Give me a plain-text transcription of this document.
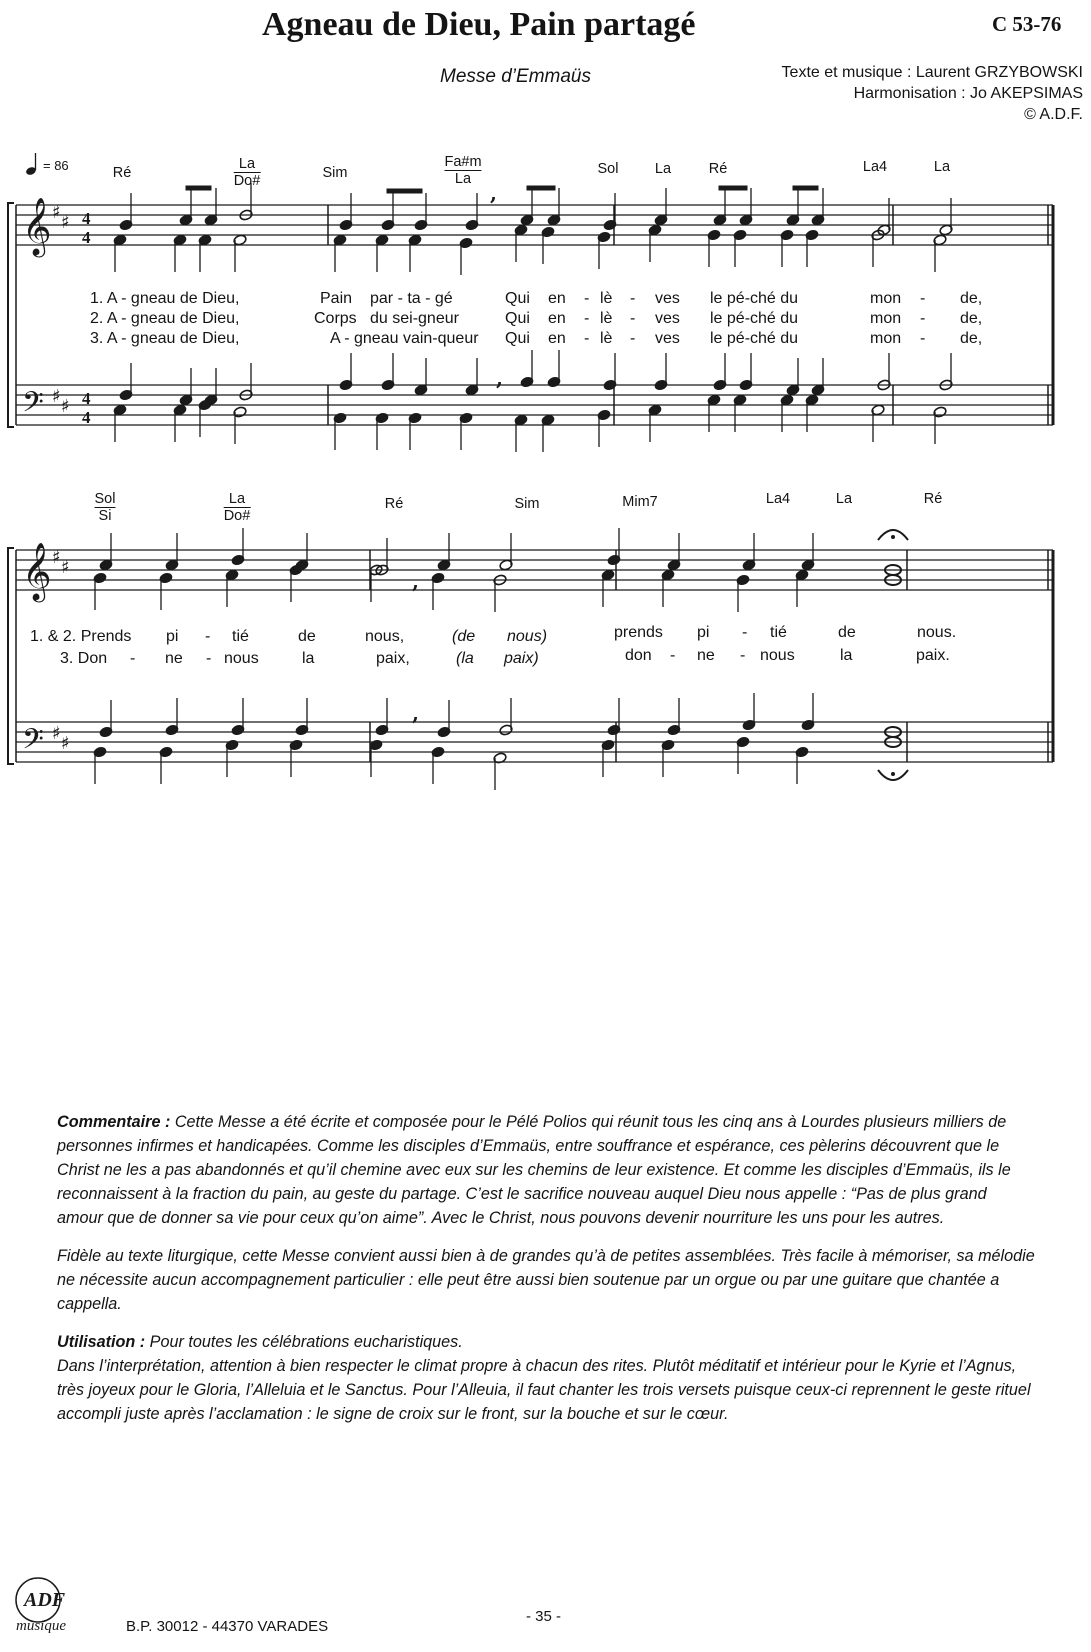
Agneau de Dieu, Pain partagé	C 53-76
Messe d’Emmaüs	Texte et musique : Laurent GRZYBOWSKI
Harmonisation : Jo AKEPSIMAS
© A.D.F.
𝄞
𝄢
♯ ♯
♯ ♯
4
4
4
4
𝄞
𝄢
♯ ♯
♯ ♯
,
,
,
,
= 86	Ré
La
Do#	Sim
Fa#m
La
Sol	La	Ré	La4	La
1. A - gneau de Dieu,	Pain par - ta - gé	Qui en - lè - ves le pé-ché du	mon - de,
2. A - gneau de Dieu,	Corps du sei-gneur	Qui en - lè - ves le pé-ché du	mon - de,
3. A - gneau de Dieu,	A - gneau vain-queur Qui en - lè - ves le pé-ché du	mon - de,
Sol
Si
La
Do#
Ré	Sim	Mim7	La4	La	Ré
1. & 2. Prends pi - tié	de	nous,	(de nous)	prends pi - tié	de	nous.
3. Don - ne - nous	la	paix,	(la paix)	don - ne - nous	la	paix.

Commentaire : Cette Messe a été écrite et composée pour le Pélé Polios qui réunit tous les cinq ans à Lourdes plusieurs milliers de personnes infirmes et handicapées. Comme les disciples d’Emmaüs, entre souffrance et espérance, ces pèlerins découvrent que le Christ ne les a pas abandonnés et qu’il chemine avec eux sur les chemins de leur existence. Et comme les disciples d’Emmaüs, ils le reconnaissent à la fraction du pain, au geste du partage. C’est le sacrifice nouveau auquel Dieu nous appelle : “Pas de plus grand amour que de donner sa vie pour ceux qu’on aime”. Avec le Christ, nous pouvons devenir nourriture les uns pour les autres.

Fidèle au texte liturgique, cette Messe convient aussi bien à de grandes qu’à de petites assemblées. Très facile à mémoriser, sa mélodie ne nécessite aucun accompagnement particulier : elle peut être aussi bien soutenue par un orgue ou par une guitare que chantée a cappella.

Utilisation : Pour toutes les célébrations eucharistiques.

Dans l’interprétation, attention à bien respecter le climat propre à chacun des rites. Plutôt méditatif et intérieur pour le Kyrie et l’Agnus, très joyeux pour le Gloria, l’Alleluia et le Sanctus. Pour l’Alleuia, il faut chanter les trois versets puisque ceux-ci reprennent le geste rituel accompli juste après l’acclamation : le signe de croix sur le front, sur la bouche et sur le cœur.

ADF
musique	B.P. 30012 - 44370 VARADES
- 35 -
